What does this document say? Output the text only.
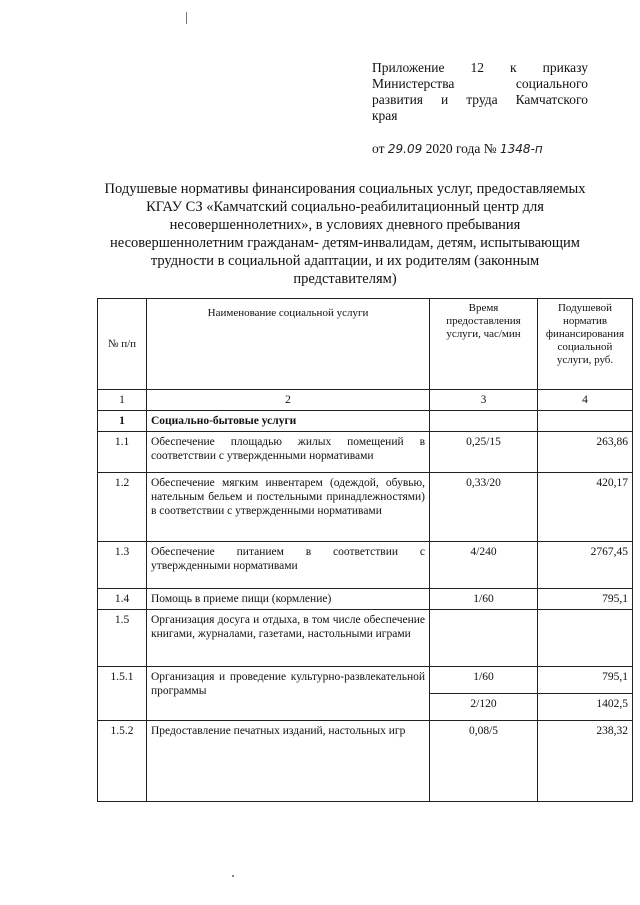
Приложение 12 к приказу
Министерства	социального
развития и труда Камчатского
края
от 29.09 2020 года № 1348-п
Подушевые нормативы финансирования социальных услуг, предоставляемых
КГАУ СЗ «Камчатский социально-реабилитационный центр для
несовершеннолетних», в условиях дневного пребывания
несовершеннолетним гражданам- детям-инвалидам, детям, испытывающим
трудности в социальной адаптации, и их родителям (законным
представителям)
№ п/п	Наименование социальной услуги	Время предоставления услуги, час/мин	Подушевой норматив финансирования социальной услуги, руб.
1	2	3	4
1	Социально-бытовые услуги		
1.1	Обеспечение площадью жилых помещений в соответствии с утвержденными нормативами	0,25/15	263,86
1.2	Обеспечение мягким инвентарем (одеждой, обувью, нательным бельем и постельными принадлежностями) в соответствии с утвержденными нормативами	0,33/20	420,17
1.3	Обеспечение питанием в соответствии с утвержденными нормативами	4/240	2767,45
1.4	Помощь в приеме пищи (кормление)	1/60	795,1
1.5	Организация досуга и отдыха, в том числе обеспечение книгами, журналами, газетами, настольными играми		
1.5.1	Организация и проведение культурно-развлекательной программы	1/60	795,1
		2/120	1402,5
1.5.2	Предоставление печатных изданий, настольных игр	0,08/5	238,32
